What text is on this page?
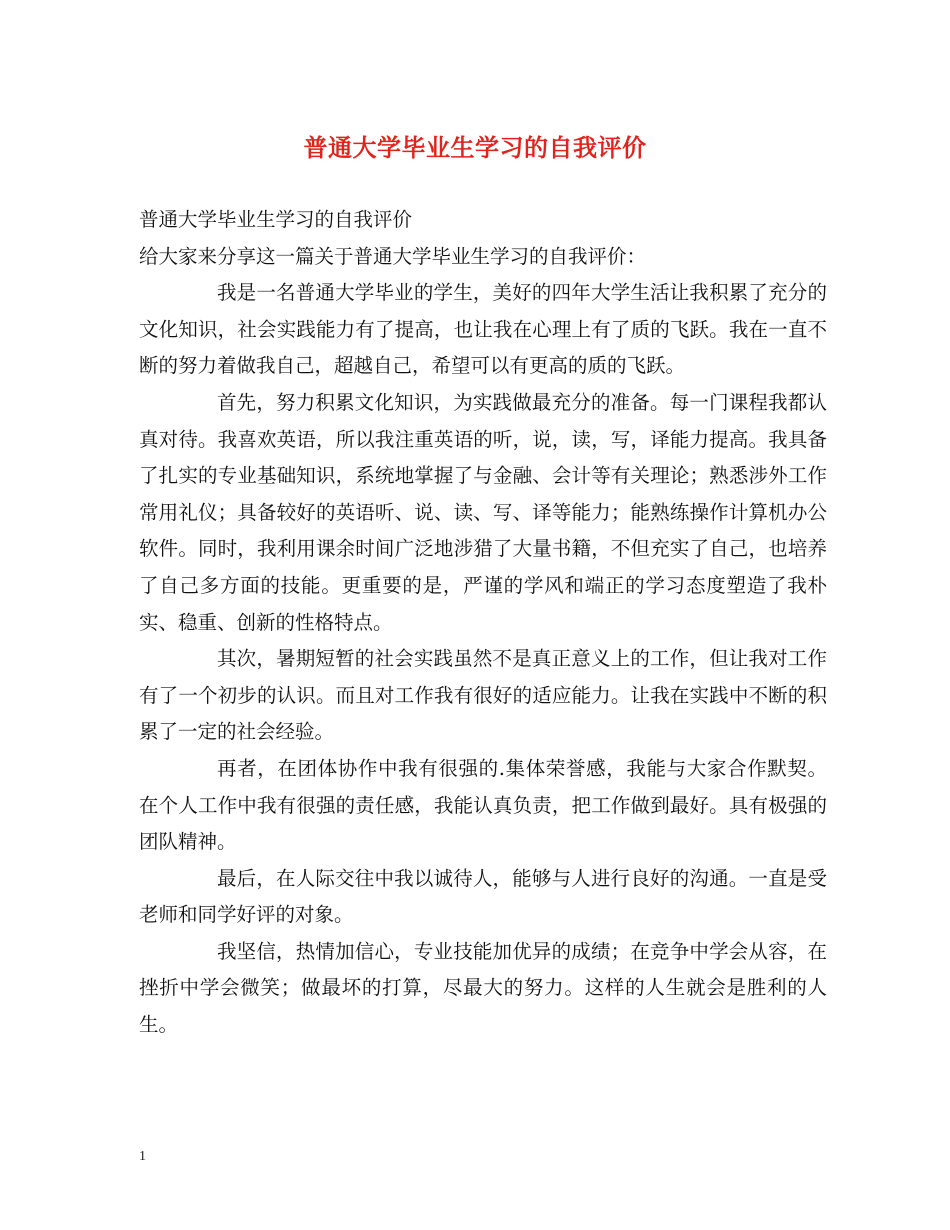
普通大学毕业生学习的自我评价

普通大学毕业生学习的自我评价

给大家来分享这一篇关于普通大学毕业生学习的自我评价：

我是一名普通大学毕业的学生，美好的四年大学生活让我积累了充分的文化知识，社会实践能力有了提高，也让我在心理上有了质的飞跃。我在一直不断的努力着做我自己，超越自己，希望可以有更高的质的飞跃。

首先，努力积累文化知识，为实践做最充分的准备。每一门课程我都认真对待。我喜欢英语，所以我注重英语的听，说，读，写，译能力提高。我具备了扎实的专业基础知识，系统地掌握了与金融、会计等有关理论；熟悉涉外工作常用礼仪；具备较好的英语听、说、读、写、译等能力；能熟练操作计算机办公软件。同时，我利用课余时间广泛地涉猎了大量书籍，不但充实了自己，也培养了自己多方面的技能。更重要的是，严谨的学风和端正的学习态度塑造了我朴实、稳重、创新的性格特点。

其次，暑期短暂的社会实践虽然不是真正意义上的工作，但让我对工作有了一个初步的认识。而且对工作我有很好的适应能力。让我在实践中不断的积累了一定的社会经验。

再者，在团体协作中我有很强的.集体荣誉感，我能与大家合作默契。在个人工作中我有很强的责任感，我能认真负责，把工作做到最好。具有极强的团队精神。

最后，在人际交往中我以诚待人，能够与人进行良好的沟通。一直是受老师和同学好评的对象。

我坚信，热情加信心，专业技能加优异的成绩；在竞争中学会从容，在挫折中学会微笑；做最坏的打算，尽最大的努力。这样的人生就会是胜利的人生。

1
